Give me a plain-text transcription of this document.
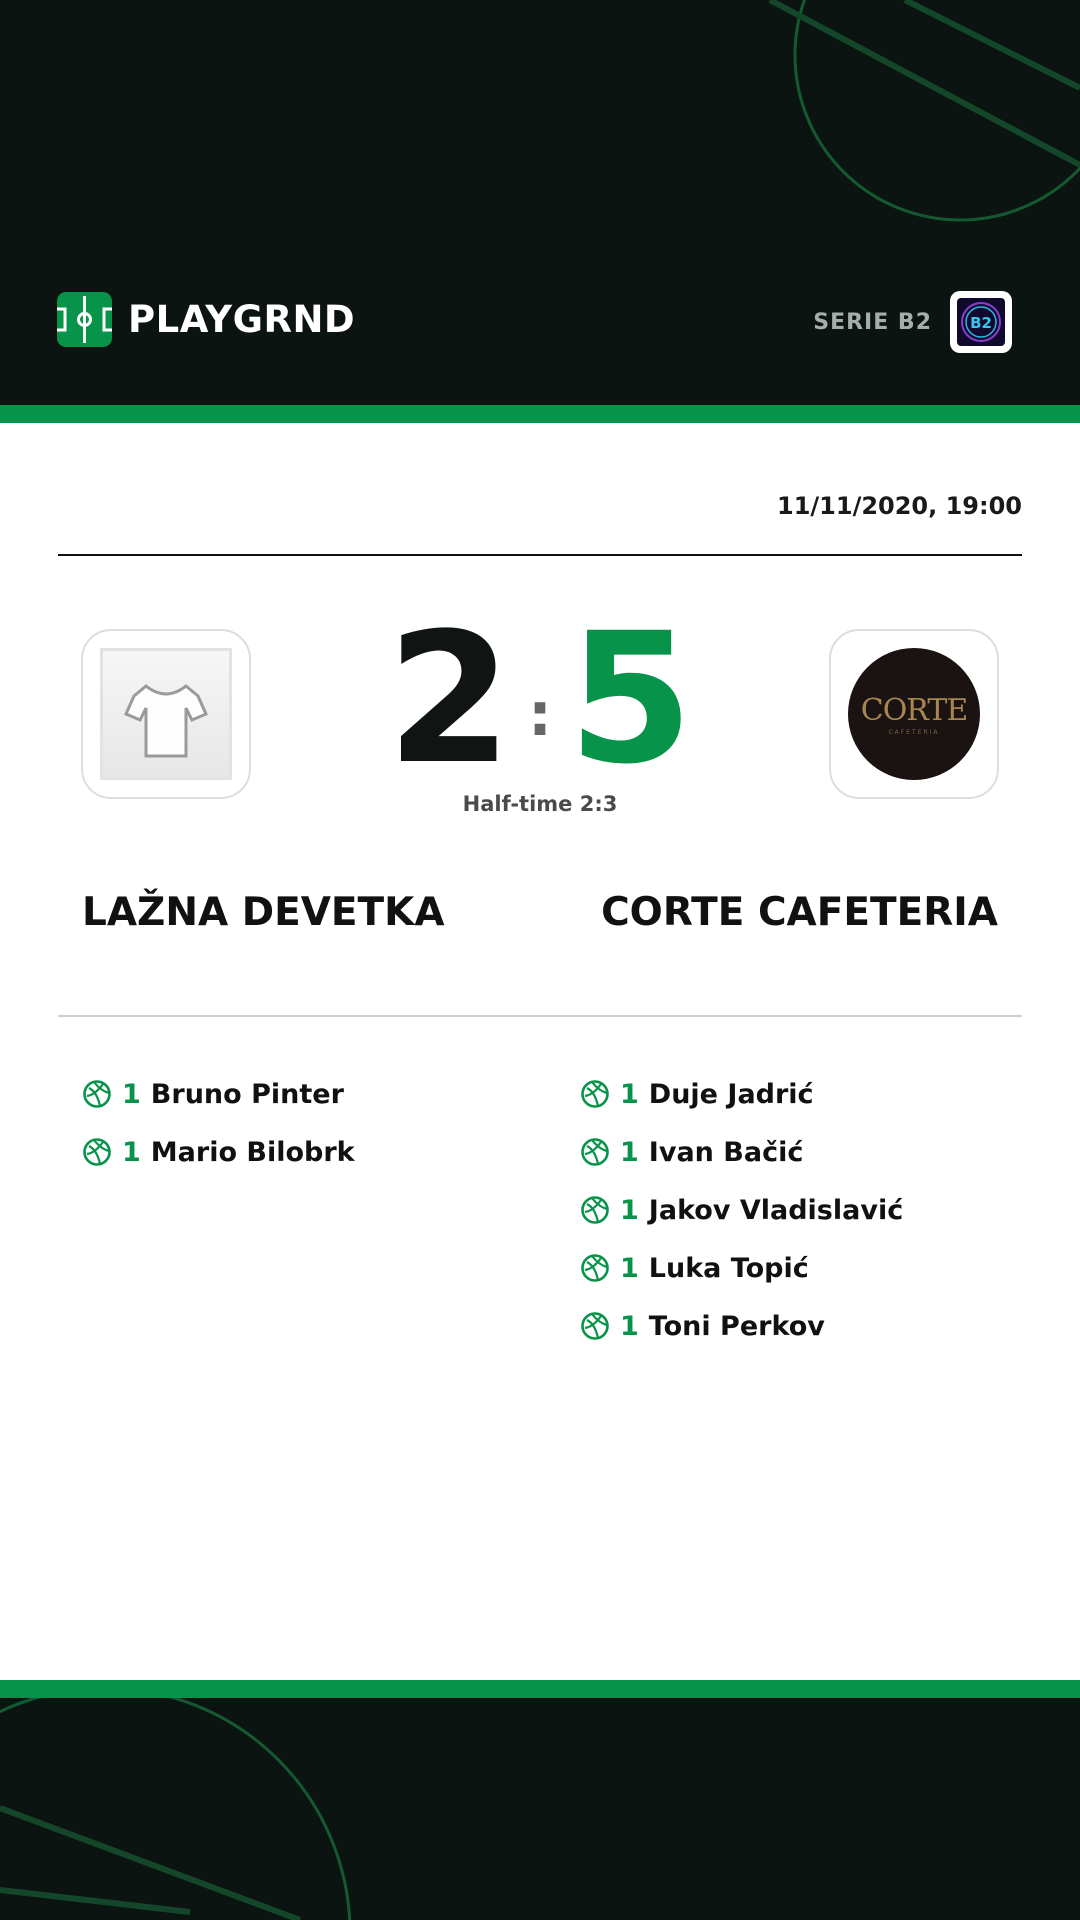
PLAYGRND	SERIE B2	B2
11/11/2020, 19:00
2 : 5
Half-time 2:3
CORTE
CAFETERIA
LAŽNA DEVETKA	CORTE CAFETERIA
1 Bruno Pinter
1 Mario Bilobrk
1 Duje Jadrić
1 Ivan Bačić
1 Jakov Vladislavić
1 Luka Topić
1 Toni Perkov
